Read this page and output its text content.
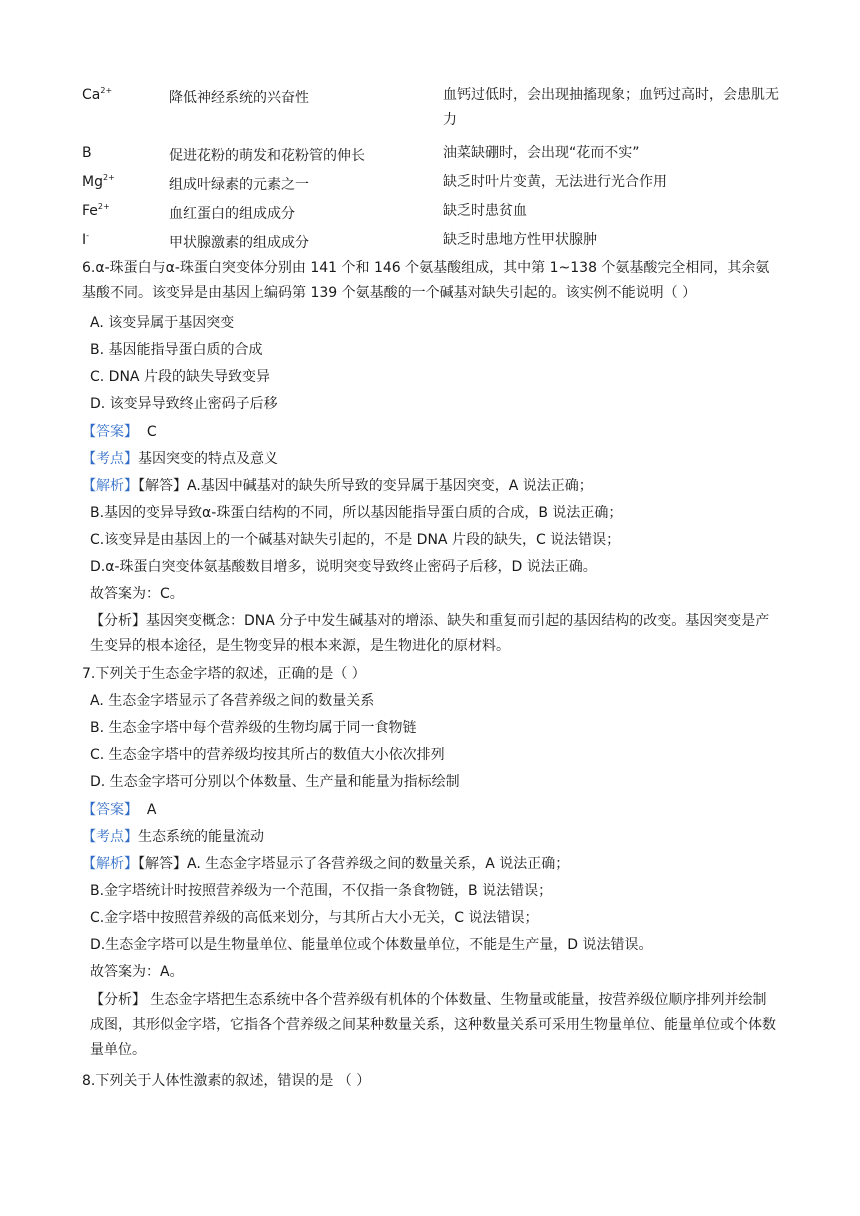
$Ca^{2+}$	降低神经系统的兴奋性	血钙过低时，会出现抽搐现象；血钙过高时，会患肌无力
B	促进花粉的萌发和花粉管的伸长	油菜缺硼时，会出现“花而不实”
$Mg^{2+}$	组成叶绿素的元素之一	缺乏时叶片变黄，无法进行光合作用
$Fe^{2+}$	血红蛋白的组成成分	缺乏时患贫血
I-	甲状腺激素的组成成分	缺乏时患地方性甲状腺肿
6.α-珠蛋白与α-珠蛋白突变体分别由 141 个和 146 个氨基酸组成，其中第 1~138 个氨基酸完全相同，其余氨基酸不同。该变异是由基因上编码第 139 个氨基酸的一个碱基对缺失引起的。该实例不能说明（ ）
A. 该变异属于基因突变
B. 基因能指导蛋白质的合成
C. DNA 片段的缺失导致变异
D. 该变异导致终止密码子后移
【答案】 C
【考点】基因突变的特点及意义
【解析】【解答】A.基因中碱基对的缺失所导致的变异属于基因突变，A 说法正确；
B.基因的变异导致α-珠蛋白结构的不同，所以基因能指导蛋白质的合成，B 说法正确；
C.该变异是由基因上的一个碱基对缺失引起的，不是 DNA 片段的缺失，C 说法错误；
D.α-珠蛋白突变体氨基酸数目增多，说明突变导致终止密码子后移，D 说法正确。
故答案为：C。
【分析】基因突变概念：DNA 分子中发生碱基对的增添、缺失和重复而引起的基因结构的改变。基因突变是产生变异的根本途径，是生物变异的根本来源，是生物进化的原材料。
7.下列关于生态金字塔的叙述，正确的是（ ）
A. 生态金字塔显示了各营养级之间的数量关系
B. 生态金字塔中每个营养级的生物均属于同一食物链
C. 生态金字塔中的营养级均按其所占的数值大小依次排列
D. 生态金字塔可分别以个体数量、生产量和能量为指标绘制
【答案】 A
【考点】生态系统的能量流动
【解析】【解答】A. 生态金字塔显示了各营养级之间的数量关系，A 说法正确；
B.金字塔统计时按照营养级为一个范围，不仅指一条食物链，B 说法错误；
C.金字塔中按照营养级的高低来划分，与其所占大小无关，C 说法错误；
D.生态金字塔可以是生物量单位、能量单位或个体数量单位，不能是生产量，D 说法错误。
故答案为：A。
【分析】 生态金字塔把生态系统中各个营养级有机体的个体数量、生物量或能量，按营养级位顺序排列并绘制成图，其形似金字塔，它指各个营养级之间某种数量关系，这种数量关系可采用生物量单位、能量单位或个体数量单位。
8.下列关于人体性激素的叙述，错误的是 （ ）
